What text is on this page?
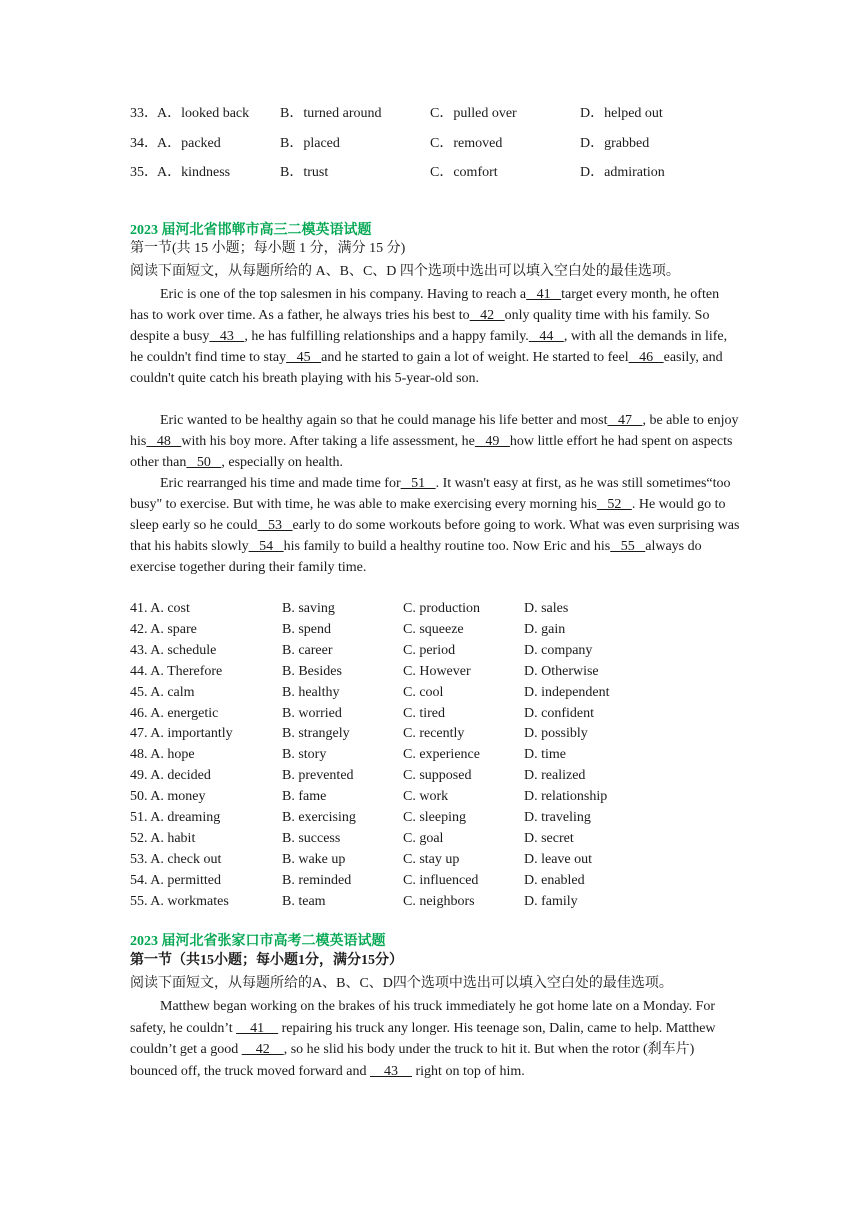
33． A．looked back B．turned around	C．pulled over	D．helped out
34． A．packed	B．placed	C．removed	D．grabbed
35． A．kindness	B．trust	C．comfort	D．admiration
2023 届河北省邯郸市高三二模英语试题
第一节(共 15 小题；每小题 1 分，满分 15 分)
阅读下面短文，从每题所给的 A、B、C、D 四个选项中选出可以填入空白处的最佳选项。
Eric is one of the top salesmen in his company. Having to reach a   41   target every month, he often has to work over time. As a father, he always tries his best to   42   only quality time with his family. So despite a busy   43   , he has fulfilling relationships and a happy family.   44   , with all the demands in life, he couldn't find time to stay   45   and he started to gain a lot of weight. He started to feel   46   easily, and couldn't quite catch his breath playing with his 5-year-old son.
Eric wanted to be healthy again so that he could manage his life better and most   47   , be able to enjoy his   48   with his boy more. After taking a life assessment, he   49   how little effort he had spent on aspects other than   50   , especially on health.
Eric rearranged his time and made time for   51   . It wasn't easy at first, as he was still sometimes“too busy" to exercise. But with time, he was able to make exercising every morning his   52   . He would go to sleep early so he could   53   early to do some workouts before going to work. What was even surprising was that his habits slowly   54   his family to build a healthy routine too. Now Eric and his   55   always do exercise together during their family time.
41. A. cost	B. saving	C. production	D. sales
42. A. spare	B. spend	C. squeeze	D. gain
43. A. schedule	B. career	C. period	D. company
44. A. Therefore	B. Besides	C. However	D. Otherwise
45. A. calm	B. healthy	C. cool	D. independent
46. A. energetic	B. worried	C. tired	D. confident
47. A. importantly	B. strangely	C. recently	D. possibly
48. A. hope	B. story	C. experience	D. time
49. A. decided	B. prevented	C. supposed	D. realized
50. A. money	B. fame	C. work	D. relationship
51. A. dreaming	B. exercising	C. sleeping	D. traveling
52. A. habit	B. success	C. goal	D. secret
53. A. check out	B. wake up	C. stay up	D. leave out
54. A. permitted	B. reminded	C. influenced	D. enabled
55. A. workmates	B. team	C. neighbors	D. family
2023 届河北省张家口市高考二模英语试题
第一节（共15小题；每小题1分，满分15分）
阅读下面短文，从每题所给的A、B、C、D四个选项中选出可以填入空白处的最佳选项。
Matthew began working on the brakes of his truck immediately he got home late on a Monday. For safety, he couldn’t     41     repairing his truck any longer. His teenage son, Dalin, came to help. Matthew couldn’t get a good     42    , so he slid his body under the truck to hit it. But when the rotor (刹车片) bounced off, the truck moved forward and     43     right on top of him.
